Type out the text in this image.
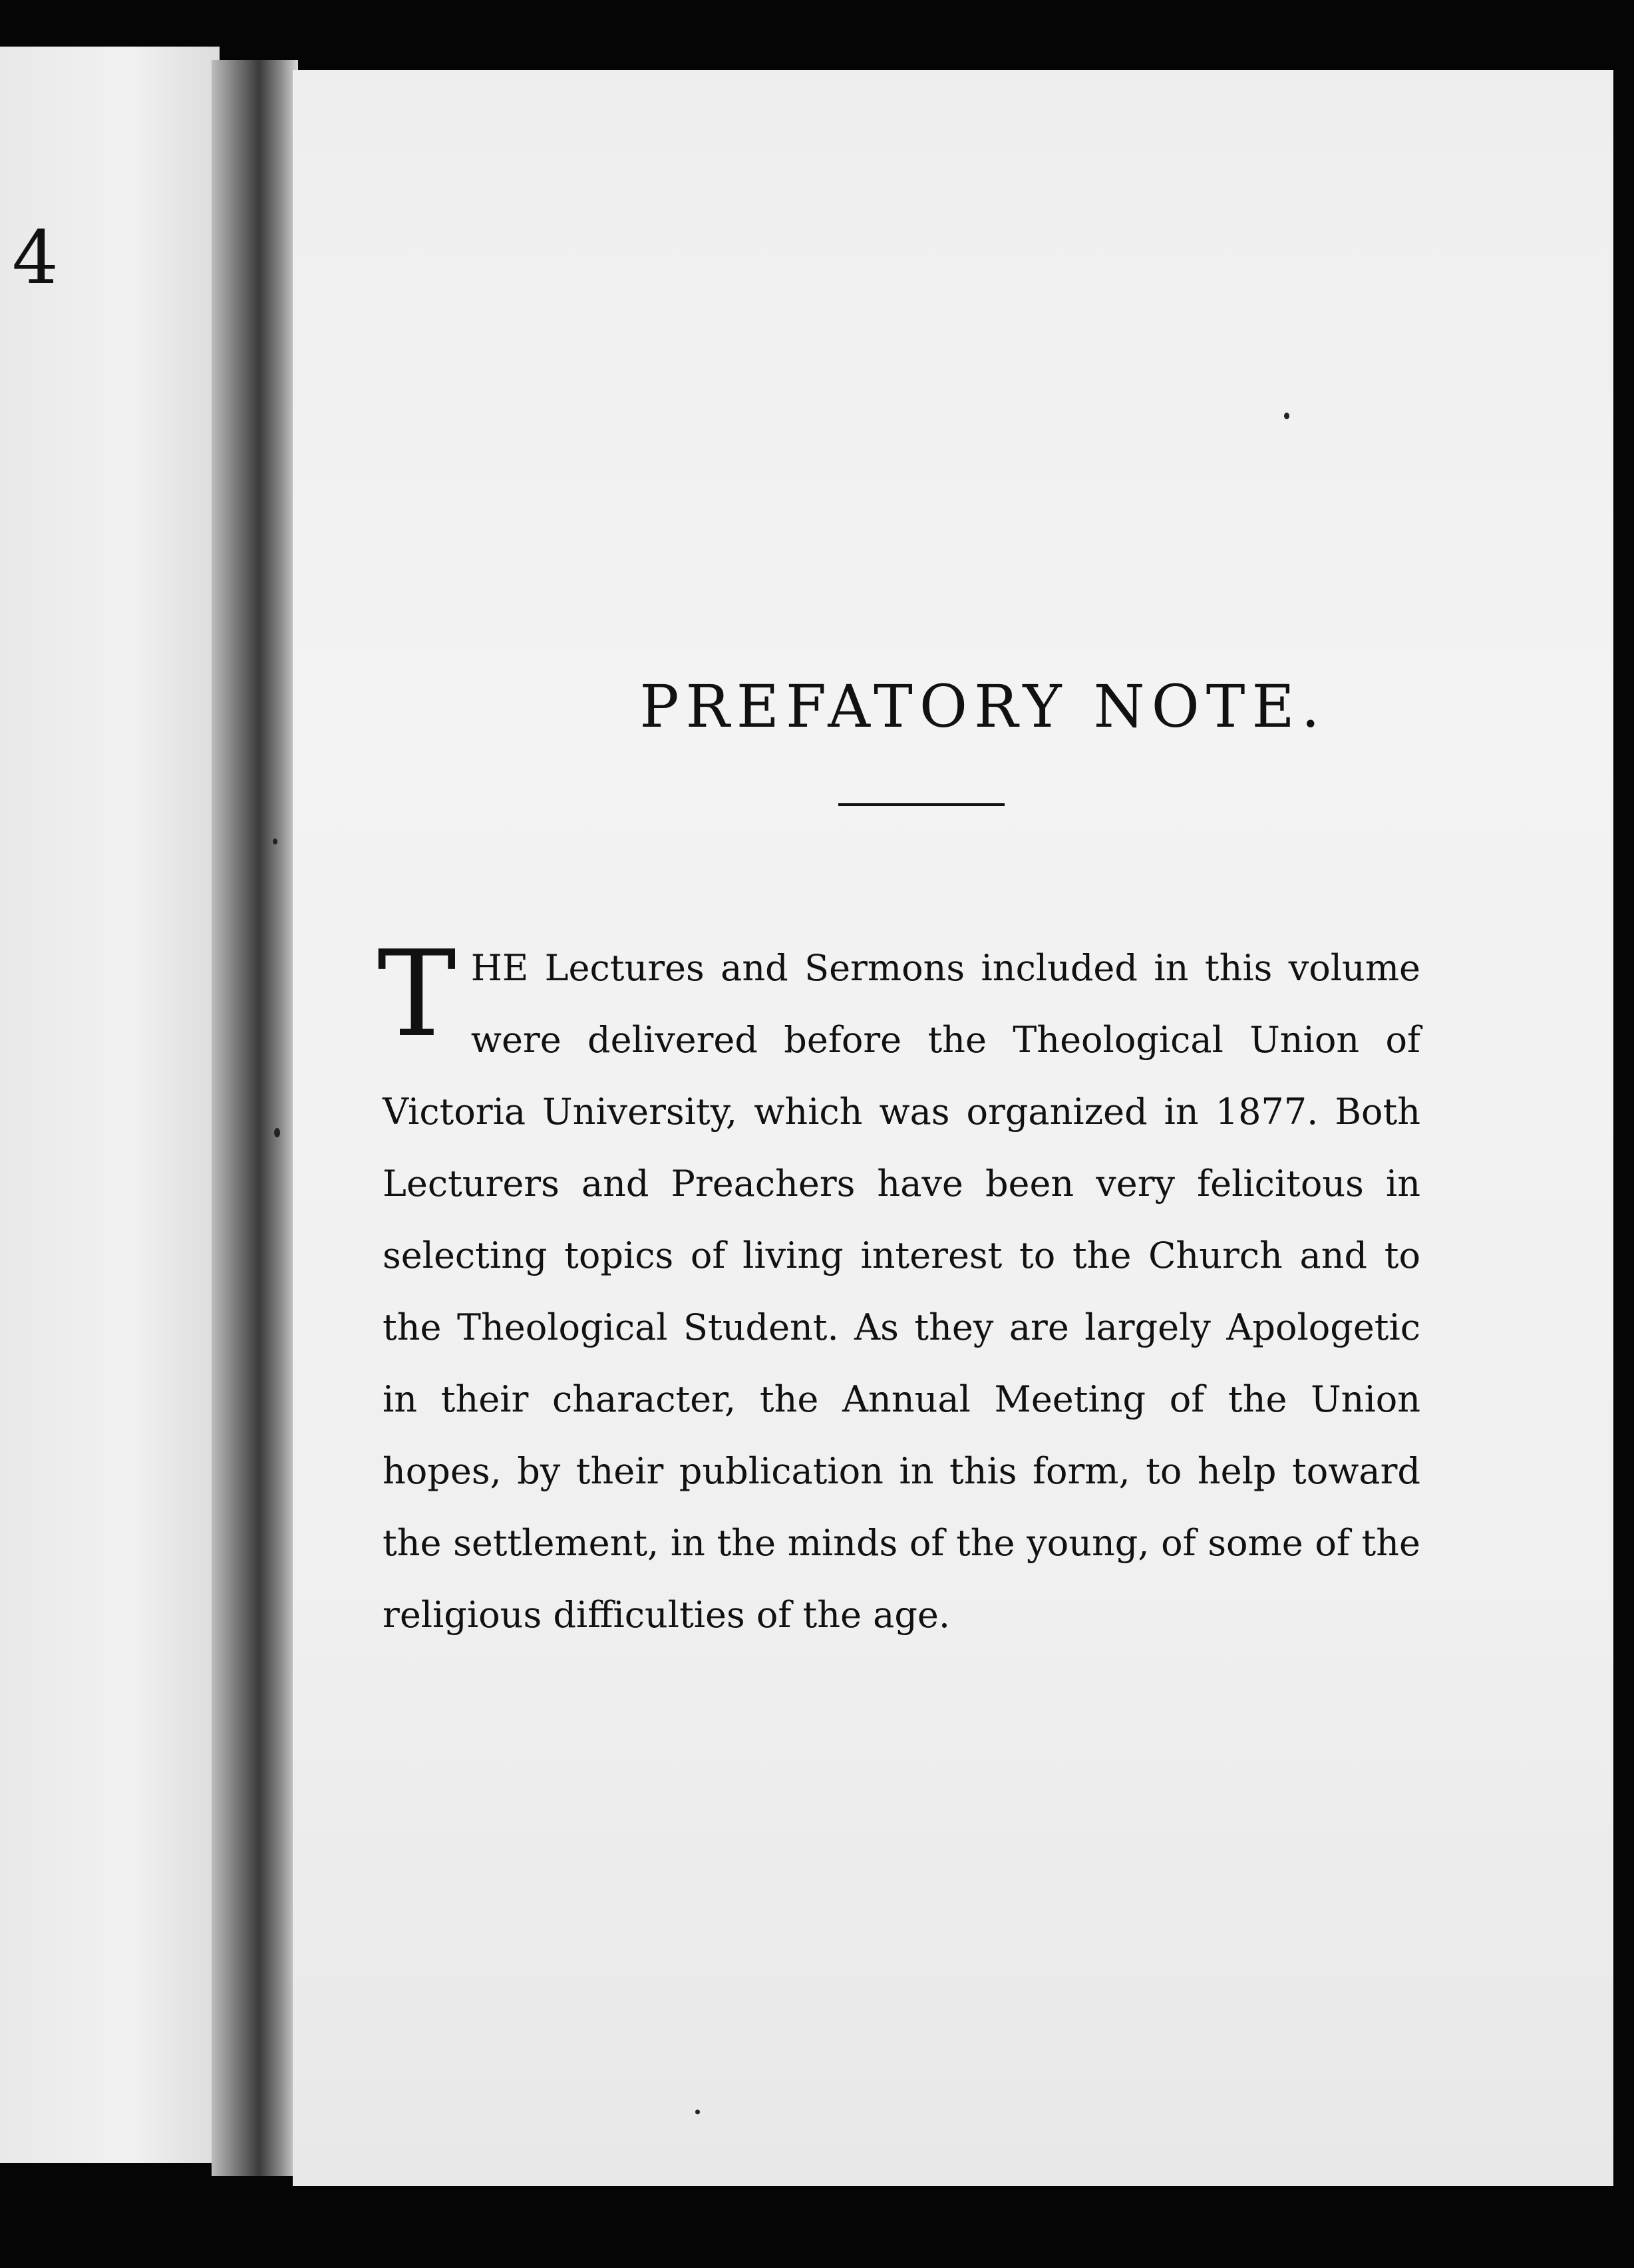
4
PREFATORY NOTE.
THE Lectures and Sermons included in this volume were delivered before the Theological Union of Victoria University, which was organized in 1877. Both Lecturers and Preachers have been very felicitous in selecting topics of living interest to the Church and to the Theological Student. As they are largely Apologetic in their character, the Annual Meeting of the Union hopes, by their publication in this form, to help toward the settlement, in the minds of the young, of some of the religious difficulties of the age.
